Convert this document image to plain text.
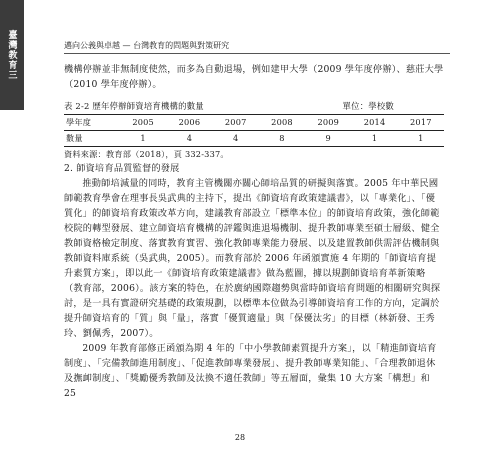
臺灣教育三	邁向公義與卓越 — 台灣教育的問題與對策研究

機構停辦並非無制度使然，而多為自動退場，例如建甲大學（2009 學年度停辦）、慈莊大學（2010 學年度停辦）。

表 2-2 歷年停辦師資培育機構的數量	單位：學校數
學年度	2005	2006	2007	2008	2009	2014	2017
數量	1	4	4	8	9	1	1
資料來源：教育部（2018），頁 332-337。

2. 師資培育品質監督的發展

推動師培減量的同時，教育主管機關亦關心師培品質的研擬與落實。2005 年中華民國師範教育學會在理事長吳武典的主持下，提出《師資培育政策建議書》，以「專業化」、「優質化」的師資培育政策改革方向，建議教育部設立「標準本位」的師資培育政策，強化師範校院的轉型發展、建立師資培育機構的評鑑與進退場機制、提升教師專業至碩士層級、健全教師資格檢定制度、落實教育實習、強化教師專業能力發展、以及建置教師供需評估機制與教師資料庫系統（吳武典，2005）。而教育部於 2006 年函頒實施 4 年期的「師資培育提升素質方案」，即以此一《師資培育政策建議書》做為藍圖，據以規劃師資培育革新策略（教育部，2006）。該方案的特色，在於廣納國際趨勢與當時師資培育問題的相關研究與探討，是一具有實證研究基礎的政策規劃，以標準本位做為引導師資培育工作的方向，定調於提升師資培育的「質」與「量」，落實「優質適量」與「保優汰劣」的目標（林新發、王秀玲、劉佩秀，2007）。

2009 年教育部修正函頒為期 4 年的「中小學教師素質提升方案」，以「精進師資培育制度」、「完備教師進用制度」、「促進教師專業發展」、提升教師專業知能」、「合理教師退休及撫卹制度」、「獎勵優秀教師及汰換不適任教師」等五層面，彙集 10 大方案「構想」和 25

28
